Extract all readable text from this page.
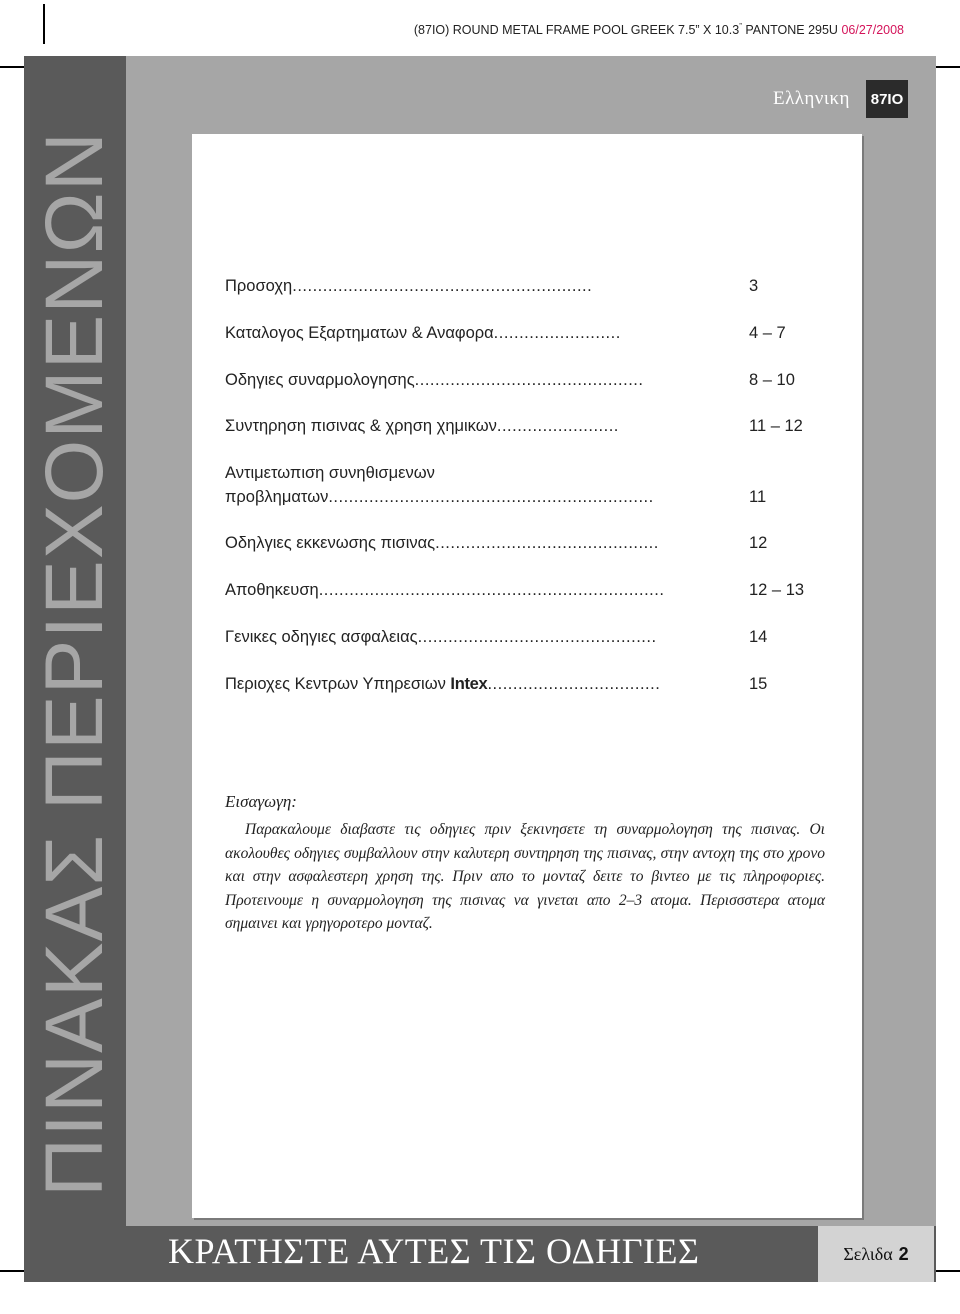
(87IO) ROUND METAL FRAME POOL GREEK 7.5” X 10.3” PANTONE 295U 06/27/2008
Ελληνικη	87IO
ΠΙΝΑΚΑΣ ΠΕΡΙΕΧΟΜΕΝΩΝ	Προσοχη...........................................................	3
Καταλογος Εξαρτηματων & Αναφορα.........................	4 – 7
Οδηγιες συναρμολογησης.............................................	8 – 10
Συντηρηση πισινας & χρηση χημικων........................	11 – 12
Αντιμετωπιση συνηθισμενων
προβληματων................................................................	11
Οδηλγιες εκκενωσης πισινας............................................	12
Αποθηκευση....................................................................	12 – 13
Γενικες οδηγιες ασφαλειας...............................................	14
Περιοχες Κεντρων Υπηρεσιων Intex..................................	15
Εισαγωγη:
Παρακαλουμε διαβαστε τις οδηγιες πριν ξεκινησετε τη συναρμολογηση της πισινας. Οι ακολουθες οδηγιες συμβαλλουν στην καλυτερη συντηρηση της πισινας, στην αντοχη της στο χρονο και στην ασφαλεστερη χρηση της. Πριν απο το μονταζ δειτε το βιντεο με τις πληροφοριες. Προτεινουμε η συναρμολογηση της πισινας να γινεται απο 2–3 ατομα. Περισσστερα ατομα σημαινει και γρηγοροτερο μονταζ.
ΚΡΑΤΗΣΤΕ ΑΥΤΕΣ ΤΙΣ ΟΔΗΓΙΕΣ	Σελιδα 2
